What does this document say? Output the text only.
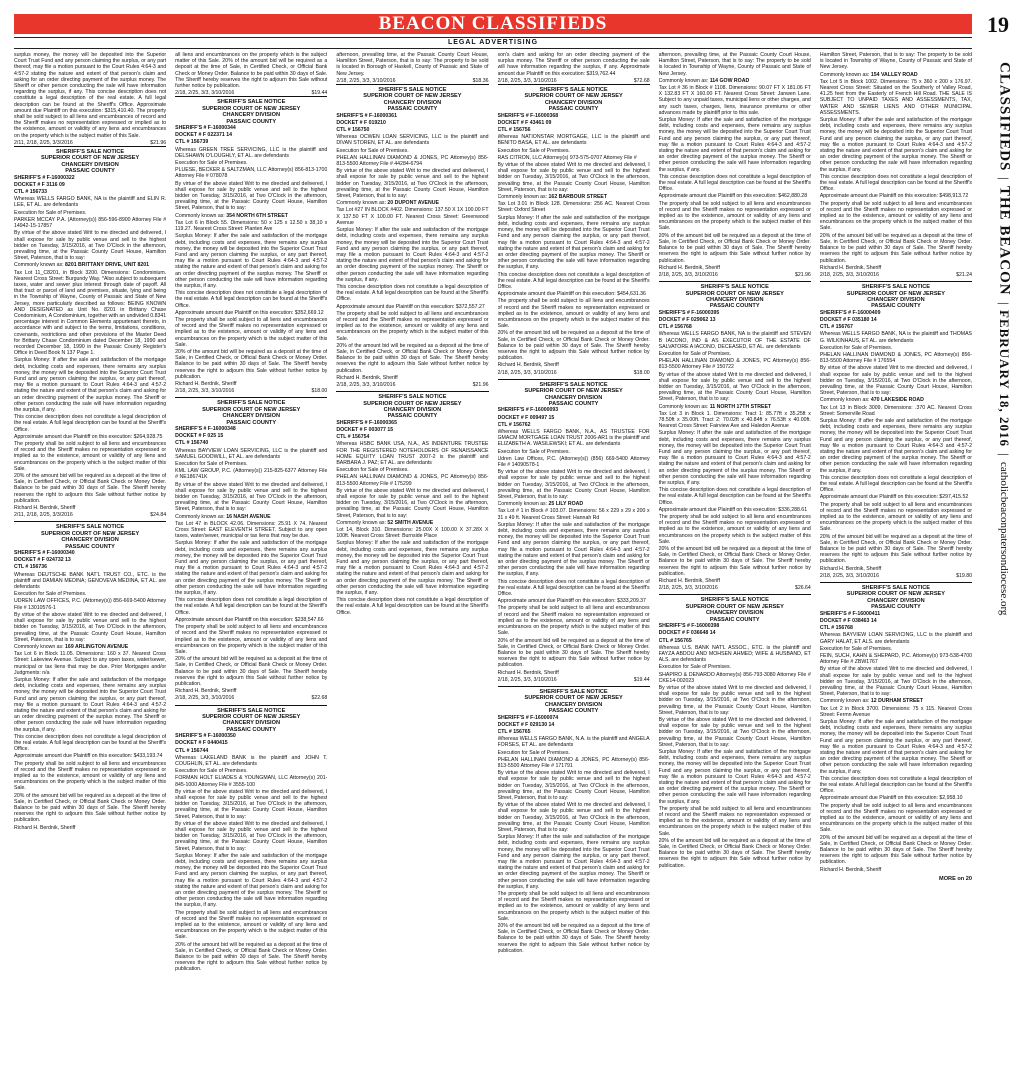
BEACON CLASSIFIEDS	19
LEGAL ADVERTISING
CLASSIFIEDS
|
THE BEACON
|
FEBRUARY 18, 2016
|
catholicbeaconpatersondiocese.org

surplus money, the money will be deposited into the Superior Court Trust Fund and any person claiming the surplus, or any part thereof, may file a motion pursuant to the Court Rules 4:64-3 and 4:57-2 stating the nature and extent of that person's claim and asking for an order directing payment of the surplus money. The Sheriff or other person conducting the sale will have information regarding the surplus, if any. This concise description does not constitute a legal description of the real estate. A full legal description can be found at the Sheriff's Office. Approximate amount due Plaintiff on this execution: $315,410.40. The property shall be sold subject to all liens and encumbrances of record and the Sheriff makes no representation expressed or implied as to the existence, amount or validity of any liens and encumbrances on the property which is the subject matter of this Sale.

2/11, 2/18, 2/25, 3/3/2016	$21.96
SHERIFF'S SALE NOTICE
SUPERIOR COURT OF NEW JERSEY
CHANCERY DIVISION
PASSAIC COUNTY

SHERIFF'S # F-16000322

DOCKET # F 3116 09

CTL # 156733

Whereas WELLS FARGO BANK, NA is the plaintiff and ELIN R. LEE, ET AL. are defendants

Execution for Sale of Premises.

PARKER MCCAY P.A. (Attorney(s)) 856-596-8900 Attorney File # 14942-15-17857

By virtue of the above stated Writ to me directed and delivered, I shall expose for sale by public venue and sell to the highest bidder on Tuesday, 3/15/2016, at Two O'Clock in the afternoon, prevailing time, at the Passaic County Court House, Hamilton Street, Paterson, that is to say:

Commonly known as: 8201 BRITTANY DRIVE, UNIT 8201

Tax Lot 11_C8201, in Block 3200. Dimensions: Condominium. Nearest Cross Street: Burgundy Way. *Also subject to subsequent taxes, water and sewer plus interest through date of payoff. All that tract or parcel of land and premises, situate, lying and being in the Township of Wayne, County of Passaic and State of New Jersey, more particularly described as follows: BEING KNOWN AND DESIGNATED as Unit No. 8201 in Brittany Chase Condominium, A Condominium, together with an undivided 0.8341 percentage interest in Common Elements appurtenant thereto, in accordance with and subject to the terms, limitations, conditions, covenants, restrictions and other provisions of the Master Deed for Brittany Chase Condominium dated December 18, 1990 and recorded December 18, 1990 in the Passaic County Register's Office in Deed Book N 137 Page 1.

Surplus Money: If after the sale and satisfaction of the mortgage debt, including costs and expenses, there remains any surplus money, the money will be deposited into the Superior Court Trust Fund and any person claiming the surplus, or any part thereof, may file a motion pursuant to Court Rules 4:64-3 and 4:57-2 stating the nature and extent of that person's claim and asking for an order directing payment of the surplus money. The Sheriff or other person conducting the sale will have information regarding the surplus, if any.

This concise description does not constitute a legal description of the real estate. A full legal description can be found at the Sheriff's Office.

Approximate amount due Plaintiff on this execution: $264,928.75

The property shall be sold subject to all liens and encumbrances of record and the Sheriff makes no representation expressed or implied as to the existence, amount or validity of any liens and encumbrances on the property which is the subject matter of this Sale.

20% of the amount bid will be required as a deposit at the time of Sale, in Certified Check, or Official Bank Check or Money Order. Balance to be paid within 30 days of Sale. The Sheriff hereby reserves the right to adjourn this Sale without further notice by publication.

Richard H. Berdnik, Sheriff

2/11, 2/18, 2/25, 3/3/2016	$24.84
SHERIFF'S SALE NOTICE
SUPERIOR COURT OF NEW JERSEY
CHANCERY DIVISION
PASSAIC COUNTY

SHERIFF'S # F-16000340

DOCKET # F 024732 13

CTL # 156736

Whereas DEUTSCHE BANK NAT'L TRUST CO., ETC. is the plaintiff and DAMIAN MEDINA; GENOVEVA MEDINA, ET AL. are defendants

Execution for Sale of Premises.

UDREN LAW OFFICES, P.C. (Attorney(s)) 856-669-5400 Attorney File # 13010576-1

By virtue of the above stated Writ to me directed and delivered, I shall expose for sale by public venue and sell to the highest bidder on Tuesday, 3/15/2016, at Two O'Clock in the afternoon, prevailing time, at the Passaic County Court House, Hamilton Street, Paterson, that is to say:

Commonly known as: 169 ARLINGTON AVENUE

Tax Lot 6 in Block 11.05. Dimensions: 160 x 37. Nearest Cross Street: Lakeview Avenue. Subject to any open taxes, water/sewer, municipal or tax liens that may be due. Prior Mortgages and/or Judgments: n/a

Surplus Money: If after the sale and satisfaction of the mortgage debt, including costs and expenses, there remains any surplus money, the money will be deposited into the Superior Court Trust Fund and any person claiming the surplus, or any part thereof, may file a motion pursuant to Court Rules 4:64-3 and 4:57-2 stating the nature and extent of that person's claim and asking for an order directing payment of the surplus money. The Sheriff or other person conducting the sale will have information regarding the surplus, if any.

This concise description does not constitute a legal description of the real estate. A full legal description can be found at the Sheriff's Office.

Approximate amount due Plaintiff on this execution: $433,193.74

The property shall be sold subject to all liens and encumbrances of record and the Sheriff makes no representation expressed or implied as to the existence, amount or validity of any liens and encumbrances on the property which is the subject matter of this Sale.

20% of the amount bid will be required as a deposit at the time of Sale, in Certified Check, or Official Bank Check or Money Order. Balance to be paid within 30 days of Sale. The Sheriff hereby reserves the right to adjourn this Sale without further notice by publication.

Richard H. Berdnik, Sheriff

all liens and encumbrances on the property which is the subject matter of this Sale. 20% of the amount bid will be required as a deposit at the time of Sale, in Certified Check, or Official Bank Check or Money Order. Balance to be paid within 30 days of Sale. The Sheriff hereby reserves the right to adjourn this Sale without further notice by publication.

2/18, 2/25, 3/3, 3/10/2016	$19.44
SHERIFF'S SALE NOTICE
SUPERIOR COURT OF NEW JERSEY
CHANCERY DIVISION
PASSAIC COUNTY

SHERIFF'S # F-16000344

DOCKET # F 022371 14

CTL # 156739

Whereas GREEN TREE SERVICING, LLC is the plaintiff and DELSHAWN O'LOUGHLY, ET AL. are defendants

Execution for Sale of Premises.

PLUESE, BECKER & SALTZMAN, LLC Attorney(s) 856-813-1700 Attorney File # 078078

By virtue of the above stated Writ to me directed and delivered, I shall expose for sale by public venue and sell to the highest bidder on Tuesday, 3/15/2016, at Two O'Clock in the afternoon, prevailing time, at the Passaic County Court House, Hamilton Street, Paterson, that is to say:

Commonly known as: 354 NORTH 6TH STREET

Tax Lot 6 in Block 55. Dimensions: 50 x 125 x 12.50 x 38,10 x 119.27. Nearest Cross Street: Planten Ave

Surplus Money: If after the sale and satisfaction of the mortgage debt, including costs and expenses, there remains any surplus money, the money will be deposited into the Superior Court Trust Fund and any person claiming the surplus, or any part thereof, may file a motion pursuant to Court Rules 4:64-3 and 4:57-2 stating the nature and extent of that person's claim and asking for an order directing payment of the surplus money. The Sheriff or other person conducting the sale will have information regarding the surplus, if any.

This concise description does not constitute a legal description of the real estate. A full legal description can be found at the Sheriff's Office.

Approximate amount due Plaintiff on this execution: $352,669.12

The property shall be sold subject to all liens and encumbrances of record and the Sheriff makes no representation expressed or implied as to the existence, amount or validity of any liens and encumbrances on the property which is the subject matter of this Sale.

20% of the amount bid will be required as a deposit at the time of Sale, in Certified Check, or Official Bank Check or Money Order. Balance to be paid within 30 days of Sale. The Sheriff hereby reserves the right to adjourn this Sale without further notice by publication.

Richard H. Berdnik, Sheriff

2/18, 2/25, 3/3, 3/10/2016	$18.00
SHERIFF'S SALE NOTICE
SUPERIOR COURT OF NEW JERSEY
CHANCERY DIVISION
PASSAIC COUNTY

SHERIFF'S # F-16000348

DOCKET # F 025 15

CTL # 156740

Whereas BAYVIEW LOAN SERVICING, LLC is the plaintiff and SAMUEL GOODWILL, ET AL. are defendants

Execution for Sale of Premises.

KML LAW GROUP, P.C. (Attorney(s)) 215-825-6377 Attorney File # NE186741K

By virtue of the above stated Writ to me directed and delivered, I shall expose for sale by public venue and sell to the highest bidder on Tuesday, 3/15/2016, at Two O'Clock in the afternoon, prevailing time, at the Passaic County Court House, Hamilton Street, Paterson, that is to say:

Commonly known as: 16 NASH AVENUE

Tax Lot 47 in BLOCK 42.06. Dimensions: 25.91 X 74. Nearest Cross Street: EAST ELEVENTH STREET. Subject to any open taxes, water/sewer, municipal or tax liens that may be due.

Surplus Money: If after the sale and satisfaction of the mortgage debt, including costs and expenses, there remains any surplus money, the money will be deposited into the Superior Court Trust Fund and any person claiming the surplus, or any part thereof, may file a motion pursuant to Court Rules 4:64-3 and 4:57-2 stating the nature and extent of that person's claim and asking for an order directing payment of the surplus money. The Sheriff or other person conducting the sale will have information regarding the surplus, if any.

This concise description does not constitute a legal description of the real estate. A full legal description can be found at the Sheriff's Office.

Approximate amount due Plaintiff on this execution: $238,547.66

The property shall be sold subject to all liens and encumbrances of record and the Sheriff makes no representation expressed or implied as to the existence, amount or validity of any liens and encumbrances on the property which is the subject matter of this Sale.

20% of the amount bid will be required as a deposit at the time of Sale, in Certified Check, or Official Bank Check or Money Order. Balance to be paid within 30 days of Sale. The Sheriff hereby reserves the right to adjourn this Sale without further notice by publication.

Richard H. Berdnik, Sheriff

2/18, 2/25, 3/3, 3/10/2016	$22.68
SHERIFF'S SALE NOTICE
SUPERIOR COURT OF NEW JERSEY
CHANCERY DIVISION
PASSAIC COUNTY

SHERIFF'S # F-16000350

DOCKET # F 0440415

CTL # 156744

Whereas LAKELAND BANK is the plaintiff and JOHN T. COUGHLIN, ET AL. are defendants

Execution for Sale of Premises.

FORMAN HOLT ELIADES & YOUNGMAN, LLC Attorney(s) 201-845-1000 Attorney File # 3555-100

By virtue of the above stated Writ to me directed and delivered, I shall expose for sale by public venue and sell to the highest bidder on Tuesday, 3/15/2016, at Two O'Clock in the afternoon, prevailing time, at the Passaic County Court House, Hamilton Street, Paterson, that is to say:

By virtue of the above stated Writ to me directed and delivered, I shall expose for sale by public venue and sell to the highest bidder on Tuesday, 3/15/2016, at Two O'Clock in the afternoon, prevailing time, at the Passaic County Court House, Hamilton Street, Paterson, that is to say:

Surplus Money: If after the sale and satisfaction of the mortgage debt, including costs and expenses, there remains any surplus money, the money will be deposited into the Superior Court Trust Fund and any person claiming the surplus, or any part thereof, may file a motion pursuant to Court Rules 4:64-3 and 4:57-2 stating the nature and extent of that person's claim and asking for an order directing payment of the surplus money. The Sheriff or other person conducting the sale will have information regarding the surplus, if any.

The property shall be sold subject to all liens and encumbrances of record and the Sheriff makes no representation expressed or implied as to the existence, amount or validity of any liens and encumbrances on the property which is the subject matter of this Sale.

20% of the amount bid will be required as a deposit at the time of Sale, in Certified Check, or Official Bank Check or Money Order. Balance to be paid within 30 days of Sale. The Sheriff hereby reserves the right to adjourn this Sale without further notice by publication.

afternoon, prevailing time, at the Passaic County Court House, Hamilton Street, Paterson, that is to say: The property to be sold is located in Borough of Haskell, County of Passaic and State of New Jersey.

2/18, 2/25, 3/3, 3/10/2016	$18.36
SHERIFF'S SALE NOTICE
SUPERIOR COURT OF NEW JERSEY
CHANCERY DIVISION
PASSAIC COUNTY

SHERIFF'S # F-16000361

DOCKET # F 019210

CTL # 156750

Whereas OCWEN LOAN SERVICING, LLC is the plaintiff and DIVAN STOREN, ET AL. are defendants

Execution for Sale of Premises.

PHELAN HALLINAN DIAMOND & JONES, PC Attorney(s) 856-813-5500 Attorney File # 44284-6794

By virtue of the above stated Writ to me directed and delivered, I shall expose for sale by public venue and sell to the highest bidder on Tuesday, 3/15/2016, at Two O'Clock in the afternoon, prevailing time, at the Passaic County Court House, Hamilton Street, Paterson, that is to say:

Commonly known as: 20 DUPONT AVENUE

Tax Lot #27 IN BLOCK #402. Dimensions: 137.50 X 1X 100.00 FT X 137.50 FT X 100.00 FT. Nearest Cross Street: Greenwood Avenue

Surplus Money: If after the sale and satisfaction of the mortgage debt, including costs and expenses, there remains any surplus money, the money will be deposited into the Superior Court Trust Fund and any person claiming the surplus, or any part thereof, may file a motion pursuant to Court Rules 4:64-3 and 4:57-2 stating the nature and extent of that person's claim and asking for an order directing payment of the surplus money. The Sheriff or other person conducting the sale will have information regarding the surplus, if any.

This concise description does not constitute a legal description of the real estate. A full legal description can be found at the Sheriff's Office.

Approximate amount due Plaintiff on this execution: $372,557.27

The property shall be sold subject to all liens and encumbrances of record and the Sheriff makes no representation expressed or implied as to the existence, amount or validity of any liens and encumbrances on the property which is the subject matter of this Sale.

20% of the amount bid will be required as a deposit at the time of Sale, in Certified Check, or Official Bank Check or Money Order. Balance to be paid within 30 days of Sale. The Sheriff hereby reserves the right to adjourn this Sale without further notice by publication.

Richard H. Berdnik, Sheriff

2/18, 2/25, 3/3, 3/10/2016	$21.96
SHERIFF'S SALE NOTICE
SUPERIOR COURT OF NEW JERSEY
CHANCERY DIVISION
PASSAIC COUNTY

SHERIFF'S # F-16000365

DOCKET # F 003077 15

CTL # 156754

Whereas HSBC BANK USA, N.A., AS INDENTURE TRUSTEE FOR THE REGISTERED NOTEHOLDERS OF RENAISSANCE HOME EQUITY LOAN TRUST 2007-2 is the plaintiff and BARBARA J. PAZ; ET AL. are defendants

Execution for Sale of Premises.

PHELAN HALLINAN DIAMOND & JONES, PC Attorney(s) 856-813-5500 Attorney File # 175299

By virtue of the above stated Writ to me directed and delivered, I shall expose for sale by public venue and sell to the highest bidder on Tuesday, 3/15/2016, at Two O'Clock in the afternoon, prevailing time, at the Passaic County Court House, Hamilton Street, Paterson, that is to say:

Commonly known as: 52 SMITH AVENUE

Lot 14, Block 310. Dimensions: 25.00X X 100.00 X 37.28X X 100ft. Nearest Cross Street: Burnside Place

Surplus Money: If after the sale and satisfaction of the mortgage debt, including costs and expenses, there remains any surplus money, the money will be deposited into the Superior Court Trust Fund and any person claiming the surplus, or any part thereof, may file a motion pursuant to Court Rules 4:64-3 and 4:57-2 stating the nature and extent of that person's claim and asking for an order directing payment of the surplus money. The Sheriff or other person conducting the sale will have information regarding the surplus, if any.

This concise description does not constitute a legal description of the real estate. A full legal description can be found at the Sheriff's Office.

son's claim and asking for an order directing payment of the surplus money. The Sheriff or other person conducting the sale will have information regarding the surplus, if any. Approximate amount due Plaintiff on this execution: $319,762.44

2/18, 2/25, 3/3, 3/10/2016	$72.68
SHERIFF'S SALE NOTICE
SUPERIOR COURT OF NEW JERSEY
CHANCERY DIVISION
PASSAIC COUNTY

SHERIFF'S # F-16000368

DOCKET # F 43461 09

CTL # 156756

Whereas NATIONSTAR MORTGAGE, LLC is the plaintiff and BENITO BASA, ET AL. are defendants

Execution for Sale of Premises.

RAS CITRON, LLC Attorney(s) 973-575-0707 Attorney File #

By virtue of the above stated Writ to me directed and delivered, I shall expose for sale by public venue and sell to the highest bidder on Tuesday, 3/15/2016, at Two O'Clock in the afternoon, prevailing time, at the Passaic County Court House, Hamilton Street, Paterson, that is to say:

Commonly known as: 162 BARBOUR STREET

Tax Lot 3.01 in Block 128. Dimensions: 256 AC. Nearest Cross Street: Oxford Street

Surplus Money: If after the sale and satisfaction of the mortgage debt, including costs and expenses, there remains any surplus money, the money will be deposited into the Superior Court Trust Fund and any person claiming the surplus, or any part thereof, may file a motion pursuant to Court Rules 4:64-3 and 4:57-2 stating the nature and extent of that person's claim and asking for an order directing payment of the surplus money. The Sheriff or other person conducting the sale will have information regarding the surplus, if any.

This concise description does not constitute a legal description of the real estate. A full legal description can be found at the Sheriff's Office.

Approximate amount due Plaintiff on this execution: $454,631.36

The property shall be sold subject to all liens and encumbrances of record and the Sheriff makes no representation expressed or implied as to the existence, amount or validity of any liens and encumbrances on the property which is the subject matter of this Sale.

20% of the amount bid will be required as a deposit at the time of Sale, in Certified Check, or Official Bank Check or Money Order. Balance to be paid within 30 days of Sale. The Sheriff hereby reserves the right to adjourn this Sale without further notice by publication.

Richard H. Berdnik, Sheriff

2/18, 2/25, 3/3, 3/10/2016	$18.00
SHERIFF'S SALE NOTICE
SUPERIOR COURT OF NEW JERSEY
CHANCERY DIVISION
PASSAIC COUNTY

SHERIFF'S # F-16000093

DOCKET # F 009497 15

CTL # 156762

Whereas WELLS FARGO BANK, N.A., AS TRUSTEE FOR GMACM MORTGAGE LOAN TRUST 2006-AR1 is the plaintiff and ELIZABETH A. WASILEWSKI; ET AL. are defendants

Execution for Sale of Premises.

Udren Law Offices, P.C. (Attorney(s)) (856) 669-5400 Attorney File # 14090578-1

By virtue of the above stated Writ to me directed and delivered, I shall expose for sale by public venue and sell to the highest bidder on Tuesday, 3/15/2016, at Two O'Clock in the afternoon, prevailing time, at the Passaic County Court House, Hamilton Street, Paterson, that is to say:

Commonly known as: 25 LILY ROAD

Tax Lot # 1 in Block # 103.07. Dimensions: 56 x 229 x 29 x 200 x 31 x 49 ft. Nearest Cross Street: Hannah Rd

Surplus Money: If after the sale and satisfaction of the mortgage debt, including costs and expenses, there remains any surplus money, the money will be deposited into the Superior Court Trust Fund and any person claiming the surplus, or any part thereof, may file a motion pursuant to Court Rules 4:64-3 and 4:57-2 stating the nature and extent of that person's claim and asking for an order directing payment of the surplus money. The Sheriff or other person conducting the sale will have information regarding the surplus, if any.

This concise description does not constitute a legal description of the real estate. A full legal description can be found at the Sheriff's Office.

Approximate amount due Plaintiff on this execution: $333,209.37

The property shall be sold subject to all liens and encumbrances of record and the Sheriff makes no representation expressed or implied as to the existence, amount or validity of any liens and encumbrances on the property which is the subject matter of this Sale.

20% of the amount bid will be required as a deposit at the time of Sale, in Certified Check, or Official Bank Check or Money Order. Balance to be paid within 30 days of Sale. The Sheriff hereby reserves the right to adjourn this Sale without further notice by publication.

Richard H. Berdnik, Sheriff

2/18, 2/25, 3/3, 3/10/2016	$19.44
SHERIFF'S SALE NOTICE
SUPERIOR COURT OF NEW JERSEY
CHANCERY DIVISION
PASSAIC COUNTY

SHERIFF'S # F-16000074

DOCKET # F 029130 14

CTL # 156765

Whereas WELLS FARGO BANK, N.A. is the plaintiff and ANGELA FORSES, ET AL. are defendants

Execution for Sale of Premises.

PHELAN HALLINAN DIAMOND & JONES, PC Attorney(s) 856-813-5500 Attorney File # 171791

By virtue of the above stated Writ to me directed and delivered, I shall expose for sale by public venue and sell to the highest bidder on Tuesday, 3/15/2016, at Two O'Clock in the afternoon, prevailing time, at the Passaic County Court House, Hamilton Street, Paterson, that is to say:

By virtue of the above stated Writ to me directed and delivered, I shall expose for sale by public venue and sell to the highest bidder on Tuesday, 3/15/2016, at Two O'Clock in the afternoon, prevailing time, at the Passaic County Court House, Hamilton Street, Paterson, that is to say:

Surplus Money: If after the sale and satisfaction of the mortgage debt, including costs and expenses, there remains any surplus money, the money will be deposited into the Superior Court Trust Fund and any person claiming the surplus, or any part thereof, may file a motion pursuant to Court Rules 4:64-3 and 4:57-2 stating the nature and extent of that person's claim and asking for an order directing payment of the surplus money. The Sheriff or other person conducting the sale will have information regarding the surplus, if any.

The property shall be sold subject to all liens and encumbrances of record and the Sheriff makes no representation expressed or implied as to the existence, amount or validity of any liens and encumbrances on the property which is the subject matter of this Sale.

20% of the amount bid will be required as a deposit at the time of Sale, in Certified Check, or Official Bank Check or Money Order. Balance to be paid within 30 days of Sale. The Sheriff hereby reserves the right to adjourn this Sale without further notice by publication.

afternoon, prevailing time, at the Passaic County Court House, Hamilton Street, Paterson, that is to say: The property to be sold is located in Township of Wayne, County of Passaic and State of New Jersey.

Commonly known as: 114 GOW ROAD

Tax Lot # 36 in Block # 1108. Dimensions: 90.07 FT X 181.06 FT X 132.83 FT X 160.00 FT. Nearest Cross Street: Janwen Lane. Subject to any unpaid taxes, municipal liens or other charges, and any such taxes, charges, liens, insurance premiums or other advances made by plaintiff prior to this sale.

Surplus Money: If after the sale and satisfaction of the mortgage debt, including costs and expenses, there remains any surplus money, the money will be deposited into the Superior Court Trust Fund and any person claiming the surplus, or any part thereof, may file a motion pursuant to Court Rules 4:64-3 and 4:57-2 stating the nature and extent of that person's claim and asking for an order directing payment of the surplus money. The Sheriff or other person conducting the sale will have information regarding the surplus, if any.

This concise description does not constitute a legal description of the real estate. A full legal description can be found at the Sheriff's Office.

Approximate amount due Plaintiff on this execution: $462,880.28

The property shall be sold subject to all liens and encumbrances of record and the Sheriff makes no representation expressed or implied as to the existence, amount or validity of any liens and encumbrances on the property which is the subject matter of this Sale.

20% of the amount bid will be required as a deposit at the time of Sale, in Certified Check, or Official Bank Check or Money Order. Balance to be paid within 30 days of Sale. The Sheriff hereby reserves the right to adjourn this Sale without further notice by publication.

Richard H. Berdnik, Sheriff

2/18, 2/25, 3/3, 3/10/2016	$21.96
SHERIFF'S SALE NOTICE
SUPERIOR COURT OF NEW JERSEY
CHANCERY DIVISION
PASSAIC COUNTY

SHERIFF'S # F-16000395

DOCKET # F 029062 13

CTL # 156768

Whereas WELLS FARGO BANK, NA is the plaintiff and STEVEN B IACONO, IND & AS EXECUTOR OF THE ESTATE OF SALVATORE A IACONO, DECEASED, ET AL. are defendants

Execution for Sale of Premises.

PHELAN HALLINAN DIAMOND & JONES, PC Attorney(s) 856-813-5500 Attorney File # 150722

By virtue of the above stated Writ to me directed and delivered, I shall expose for sale by public venue and sell to the highest bidder on Tuesday, 3/15/2016, at Two O'Clock in the afternoon, prevailing time, at the Passaic County Court House, Hamilton Street, Paterson, that is to say:

Commonly known as: 11 NORTH 17TH STREET

Tax Lot 3 in Block 1. Dimensions: Tract 1: 85.77ft x 35.25ft x 78.50ft x 35.00ft. Tract 2: 70.02ft x 40.84ft x 76.53ft x 40.00ft. Nearest Cross Street: Fairview Ave and Haledon Avenue

Surplus Money: If after the sale and satisfaction of the mortgage debt, including costs and expenses, there remains any surplus money, the money will be deposited into the Superior Court Trust Fund and any person claiming the surplus, or any part thereof, may file a motion pursuant to Court Rules 4:64-3 and 4:57-2 stating the nature and extent of that person's claim and asking for an order directing payment of the surplus money. The Sheriff or other person conducting the sale will have information regarding the surplus, if any.

This concise description does not constitute a legal description of the real estate. A full legal description can be found at the Sheriff's Office.

Approximate amount due Plaintiff on this execution: $336,288.61

The property shall be sold subject to all liens and encumbrances of record and the Sheriff makes no representation expressed or implied as to the existence, amount or validity of any liens and encumbrances on the property which is the subject matter of this Sale.

20% of the amount bid will be required as a deposit at the time of Sale, in Certified Check, or Official Bank Check or Money Order. Balance to be paid within 30 days of Sale. The Sheriff hereby reserves the right to adjourn this Sale without further notice by publication.

Richard H. Berdnik, Sheriff

2/18, 2/25, 3/3, 3/10/2016	$26.64
SHERIFF'S SALE NOTICE
SUPERIOR COURT OF NEW JERSEY
CHANCERY DIVISION
PASSAIC COUNTY

SHERIFF'S # F-16000398

DOCKET # F 036648 14

CTL # 156765

Whereas U.S. BANK NAT'L ASSOC., ETC. is the plaintiff and FAYZA ABDOU AND MOHSEN AHMED; WIFE & HUSBAND, ET ALS. are defendants

Execution for Sale of Premises.

SHAPIRO & DENARDO Attorney(s) 856-793-3080 Attorney File # CKE14-002023

By virtue of the above stated Writ to me directed and delivered, I shall expose for sale by public venue and sell to the highest bidder on Tuesday, 3/15/2016, at Two O'Clock in the afternoon, prevailing time, at the Passaic County Court House, Hamilton Street, Paterson, that is to say:

By virtue of the above stated Writ to me directed and delivered, I shall expose for sale by public venue and sell to the highest bidder on Tuesday, 3/15/2016, at Two O'Clock in the afternoon, prevailing time, at the Passaic County Court House, Hamilton Street, Paterson, that is to say:

Surplus Money: If after the sale and satisfaction of the mortgage debt, including costs and expenses, there remains any surplus money, the money will be deposited into the Superior Court Trust Fund and any person claiming the surplus, or any part thereof, may file a motion pursuant to Court Rules 4:64-3 and 4:57-2 stating the nature and extent of that person's claim and asking for an order directing payment of the surplus money. The Sheriff or other person conducting the sale will have information regarding the surplus, if any.

The property shall be sold subject to all liens and encumbrances of record and the Sheriff makes no representation expressed or implied as to the existence, amount or validity of any liens and encumbrances on the property which is the subject matter of this Sale.

20% of the amount bid will be required as a deposit at the time of Sale, in Certified Check, or Official Bank Check or Money Order. Balance to be paid within 30 days of Sale. The Sheriff hereby reserves the right to adjourn this Sale without further notice by publication.

Hamilton Street, Paterson, that is to say: The property to be sold is located in Township of Wayne, County of Passaic and State of New Jersey.

Commonly known as: 154 VALLEY ROAD

Tax Lot 5 in Block 1002. Dimensions: 75 x 360 x 200 x 176.97. Nearest Cross Street: Situated on the Southerly of Valley Road, 41.25 feet from the Easterly of French Hill Road. THE SALE IS SUBJECT TO UNPAID TAXES AND ASSESSMENTS, TAX, WATER AND SEWER LIENS AND OTHER MUNICIPAL ASSESSMENTS.

Surplus Money: If after the sale and satisfaction of the mortgage debt, including costs and expenses, there remains any surplus money, the money will be deposited into the Superior Court Trust Fund and any person claiming the surplus, or any part thereof, may file a motion pursuant to Court Rules 4:64-3 and 4:57-2 stating the nature and extent of that person's claim and asking for an order directing payment of the surplus money. The Sheriff or other person conducting the sale will have information regarding the surplus, if any.

This concise description does not constitute a legal description of the real estate. A full legal description can be found at the Sheriff's Office.

Approximate amount due Plaintiff on this execution: $498,913.72

The property shall be sold subject to all liens and encumbrances of record and the Sheriff makes no representation expressed or implied as to the existence, amount or validity of any liens and encumbrances on the property which is the subject matter of this Sale.

20% of the amount bid will be required as a deposit at the time of Sale, in Certified Check, or Official Bank Check or Money Order. Balance to be paid within 30 days of Sale. The Sheriff hereby reserves the right to adjourn this Sale without further notice by publication.

Richard H. Berdnik, Sheriff

2/18, 2/25, 3/3, 3/10/2016	$21.24
SHERIFF'S SALE NOTICE
SUPERIOR COURT OF NEW JERSEY
CHANCERY DIVISION
PASSAIC COUNTY

SHERIFF'S # F-16000409

DOCKET # F 035180 14

CTL # 156767

Whereas WELLS FARGO BANK, NA is the plaintiff and THOMAS G. WILKINHAUS, ET AL. are defendants

Execution for Sale of Premises.

PHELAN HALLINAN DIAMOND & JONES, PC Attorney(s) 856-813-5500 Attorney File # 176554

By virtue of the above stated Writ to me directed and delivered, I shall expose for sale by public venue and sell to the highest bidder on Tuesday, 3/15/2016, at Two O'Clock in the afternoon, prevailing time, at the Passaic County Court House, Hamilton Street, Paterson, that is to say:

Commonly known as: 470 LAKESIDE ROAD

Tax Lot 13 in Block 3009. Dimensions: .370 AC. Nearest Cross Street: Somerville Road

Surplus Money: If after the sale and satisfaction of the mortgage debt, including costs and expenses, there remains any surplus money, the money will be deposited into the Superior Court Trust Fund and any person claiming the surplus, or any part thereof, may file a motion pursuant to Court Rules 4:64-3 and 4:57-2 stating the nature and extent of that person's claim and asking for an order directing payment of the surplus money. The Sheriff or other person conducting the sale will have information regarding the surplus, if any.

This concise description does not constitute a legal description of the real estate. A full legal description can be found at the Sheriff's Office.

Approximate amount due Plaintiff on this execution: $297,415.52

The property shall be sold subject to all liens and encumbrances of record and the Sheriff makes no representation expressed or implied as to the existence, amount or validity of any liens and encumbrances on the property which is the subject matter of this Sale.

20% of the amount bid will be required as a deposit at the time of Sale, in Certified Check, or Official Bank Check or Money Order. Balance to be paid within 30 days of Sale. The Sheriff hereby reserves the right to adjourn this Sale without further notice by publication.

Richard H. Berdnik, Sheriff

2/18, 2/25, 3/3, 3/10/2016	$19.80
SHERIFF'S SALE NOTICE
SUPERIOR COURT OF NEW JERSEY
CHANCERY DIVISION
PASSAIC COUNTY

SHERIFF'S # F-16000411

DOCKET # F 038463 14

CTL # 156768

Whereas BAYVIEW LOAN SERVICING, LLC is the plaintiff and GARY HALAT, ET ALS. are defendants

Execution for Sale of Premises.

FEIN, SUCH, KAHN & SHEPARD, P.C. Attorney(s) 973-538-4700 Attorney File # ZBW1767

By virtue of the above stated Writ to me directed and delivered, I shall expose for sale by public venue and sell to the highest bidder on Tuesday, 3/15/2016, at Two O'Clock in the afternoon, prevailing time, at the Passaic County Court House, Hamilton Street, Paterson, that is to say:

Commonly known as: 12 DURHAM STREET

Tax Lot 2 in Block 3700. Dimensions: 75 x 115. Nearest Cross Street: Fermn Avenue

Surplus Money: If after the sale and satisfaction of the mortgage debt, including costs and expenses, there remains any surplus money, the money will be deposited into the Superior Court Trust Fund and any person claiming the surplus, or any part thereof, may file a motion pursuant to Court Rules 4:64-3 and 4:57-2 stating the nature and extent of that person's claim and asking for an order directing payment of the surplus money. The Sheriff or other person conducting the sale will have information regarding the surplus, if any.

This concise description does not constitute a legal description of the real estate. A full legal description can be found at the Sheriff's Office.

Approximate amount due Plaintiff on this execution: $2,958.10

The property shall be sold subject to all liens and encumbrances of record and the Sheriff makes no representation expressed or implied as to the existence, amount or validity of any liens and encumbrances on the property which is the subject matter of this Sale.

20% of the amount bid will be required as a deposit at the time of Sale, in Certified Check, or Official Bank Check or Money Order. Balance to be paid within 30 days of Sale. The Sheriff hereby reserves the right to adjourn this Sale without further notice by publication.

Richard H. Berdnik, Sheriff

MORE on 20
